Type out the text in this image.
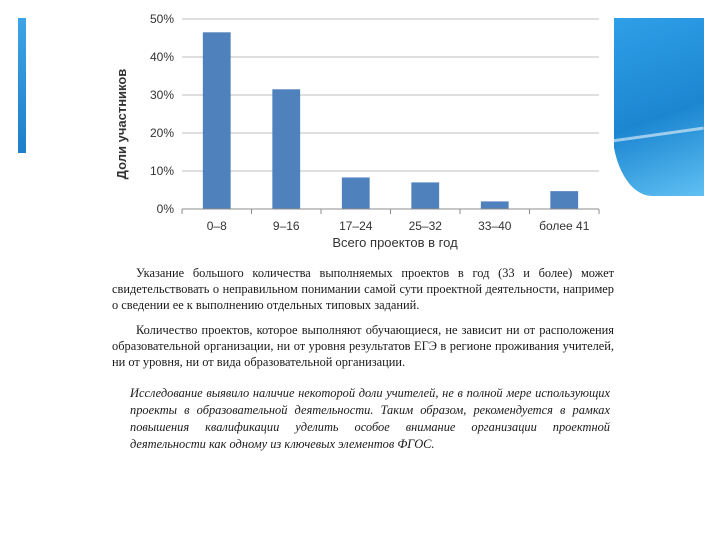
0%
10%
20%
30%
40%
50%
0–8	9–16	17–24	25–32	33–40 более 41
Доли участников
Всего проектов в год

Указание большого количества выполняемых проектов в год (33 и более) может свидетельствовать о неправильном понимании самой сути проектной деятельности, например о сведении ее к выполнению отдельных типовых заданий.

Количество проектов, которое выполняют обучающиеся, не зависит ни от расположения образовательной организации, ни от уровня результатов ЕГЭ в регионе проживания учителей, ни от уровня, ни от вида образовательной организации.

Исследование выявило наличие некоторой доли учителей, не в полной мере использующих проекты в образовательной деятельности. Таким образом, рекомендуется в рамках повышения квалификации уделить особое внимание организации проектной деятельности как одному из ключевых элементов ФГОС.
